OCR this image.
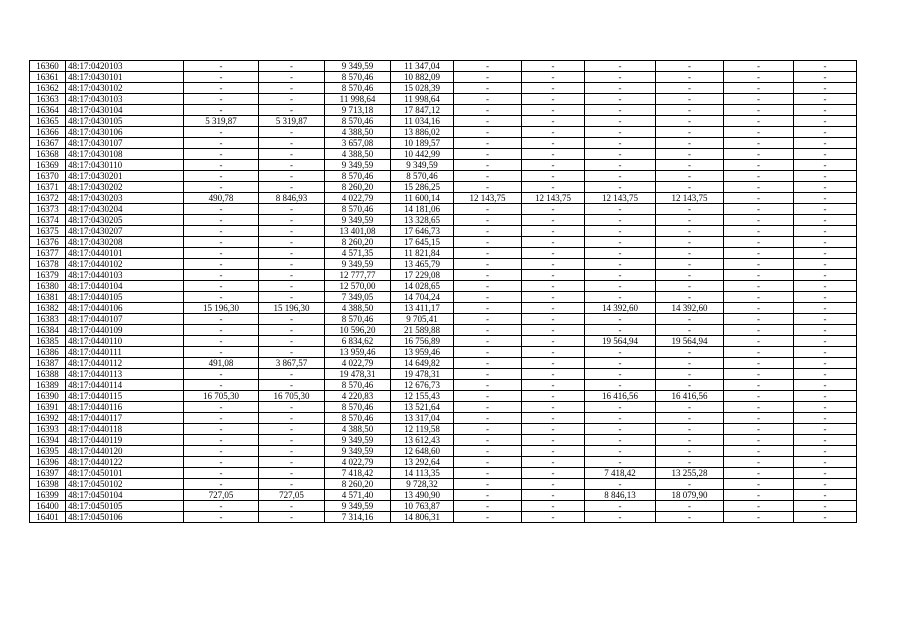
16360	48:17:0420103	-	-	9 349,59	11 347,04	-	-	-	-	-	-
16361	48:17:0430101	-	-	8 570,46	10 882,09	-	-	-	-	-	-
16362	48:17:0430102	-	-	8 570,46	15 028,39	-	-	-	-	-	-
16363	48:17:0430103	-	-	11 998,64	11 998,64	-	-	-	-	-	-
16364	48:17:0430104	-	-	9 713,18	17 847,12	-	-	-	-	-	-
16365	48:17:0430105	5 319,87	5 319,87	8 570,46	11 034,16	-	-	-	-	-	-
16366	48:17:0430106	-	-	4 388,50	13 886,02	-	-	-	-	-	-
16367	48:17:0430107	-	-	3 657,08	10 189,57	-	-	-	-	-	-
16368	48:17:0430108	-	-	4 388,50	10 442,99	-	-	-	-	-	-
16369	48:17:0430110	-	-	9 349,59	9 349,59	-	-	-	-	-	-
16370	48:17:0430201	-	-	8 570,46	8 570,46	-	-	-	-	-	-
16371	48:17:0430202	-	-	8 260,20	15 286,25	-	-	-	-	-	-
16372	48:17:0430203	490,78	8 846,93	4 022,79	11 600,14	12 143,75	12 143,75	12 143,75	12 143,75	-	-
16373	48:17:0430204	-	-	8 570,46	14 181,06	-	-	-	-	-	-
16374	48:17:0430205	-	-	9 349,59	13 328,65	-	-	-	-	-	-
16375	48:17:0430207	-	-	13 401,08	17 646,73	-	-	-	-	-	-
16376	48:17:0430208	-	-	8 260,20	17 645,15	-	-	-	-	-	-
16377	48:17:0440101	-	-	4 571,35	11 821,84	-	-	-	-	-	-
16378	48:17:0440102	-	-	9 349,59	13 465,79	-	-	-	-	-	-
16379	48:17:0440103	-	-	12 777,77	17 229,08	-	-	-	-	-	-
16380	48:17:0440104	-	-	12 570,00	14 028,65	-	-	-	-	-	-
16381	48:17:0440105	-	-	7 349,05	14 704,24	-	-	-	-	-	-
16382	48:17:0440106	15 196,30	15 196,30	4 388,50	13 411,17	-	-	14 392,60	14 392,60	-	-
16383	48:17:0440107	-	-	8 570,46	9 705,41	-	-	-	-	-	-
16384	48:17:0440109	-	-	10 596,20	21 589,88	-	-	-	-	-	-
16385	48:17:0440110	-	-	6 834,62	16 756,89	-	-	19 564,94	19 564,94	-	-
16386	48:17:0440111	-	-	13 959,46	13 959,46	-	-	-	-	-	-
16387	48:17:0440112	491,08	3 867,57	4 022,79	14 649,82	-	-	-	-	-	-
16388	48:17:0440113	-	-	19 478,31	19 478,31	-	-	-	-	-	-
16389	48:17:0440114	-	-	8 570,46	12 676,73	-	-	-	-	-	-
16390	48:17:0440115	16 705,30	16 705,30	4 220,83	12 155,43	-	-	16 416,56	16 416,56	-	-
16391	48:17:0440116	-	-	8 570,46	13 521,64	-	-	-	-	-	-
16392	48:17:0440117	-	-	8 570,46	13 317,04	-	-	-	-	-	-
16393	48:17:0440118	-	-	4 388,50	12 119,58	-	-	-	-	-	-
16394	48:17:0440119	-	-	9 349,59	13 612,43	-	-	-	-	-	-
16395	48:17:0440120	-	-	9 349,59	12 648,60	-	-	-	-	-	-
16396	48:17:0440122	-	-	4 022,79	13 292,64	-	-	-	-	-	-
16397	48:17:0450101	-	-	7 418,42	14 113,35	-	-	7 418,42	13 255,28	-	-
16398	48:17:0450102	-	-	8 260,20	9 728,32	-	-	-	-	-	-
16399	48:17:0450104	727,05	727,05	4 571,40	13 490,90	-	-	8 846,13	18 079,90	-	-
16400	48:17:0450105	-	-	9 349,59	10 763,87	-	-	-	-	-	-
16401	48:17:0450106	-	-	7 314,16	14 806,31	-	-	-	-	-	-
